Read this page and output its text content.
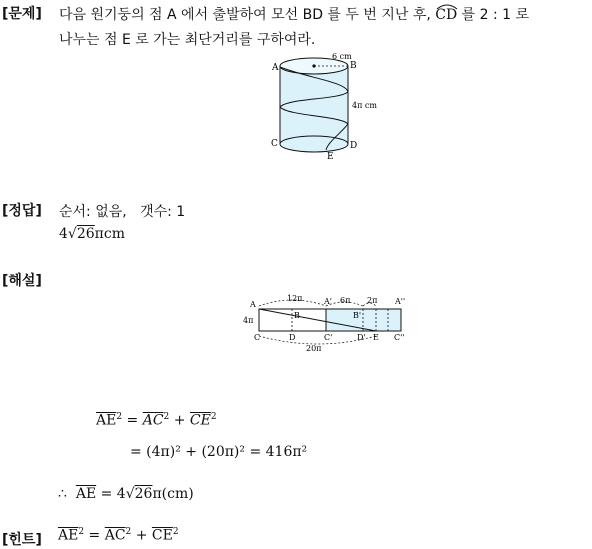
[문제] 다음 원기둥의 점 A 에서 출발하여 모선 BD 를 두 번 지난 후, CD 를 2 : 1 로
나누는 점 E 로 가는 최단거리를 구하여라.
A	B
C	D
E
6 cm
4π cm
[정답] 순서: 없음,   갯수: 1
4√26πcm
[해설]
A
12π	A' 6π 2π A''
B	B'
C	D	C'	D' E C''
4π
20π
$\overline{AE}^2 = \overline{AC}^2 + \overline{CE}^2$
= (4π)² + (20π)² = 416π²
∴ $\overline{AE} = 4√26\pi(cm)$
[힌트] $\overline{AE}^2 = \overline{AC}^2 + \overline{CE}^2$
